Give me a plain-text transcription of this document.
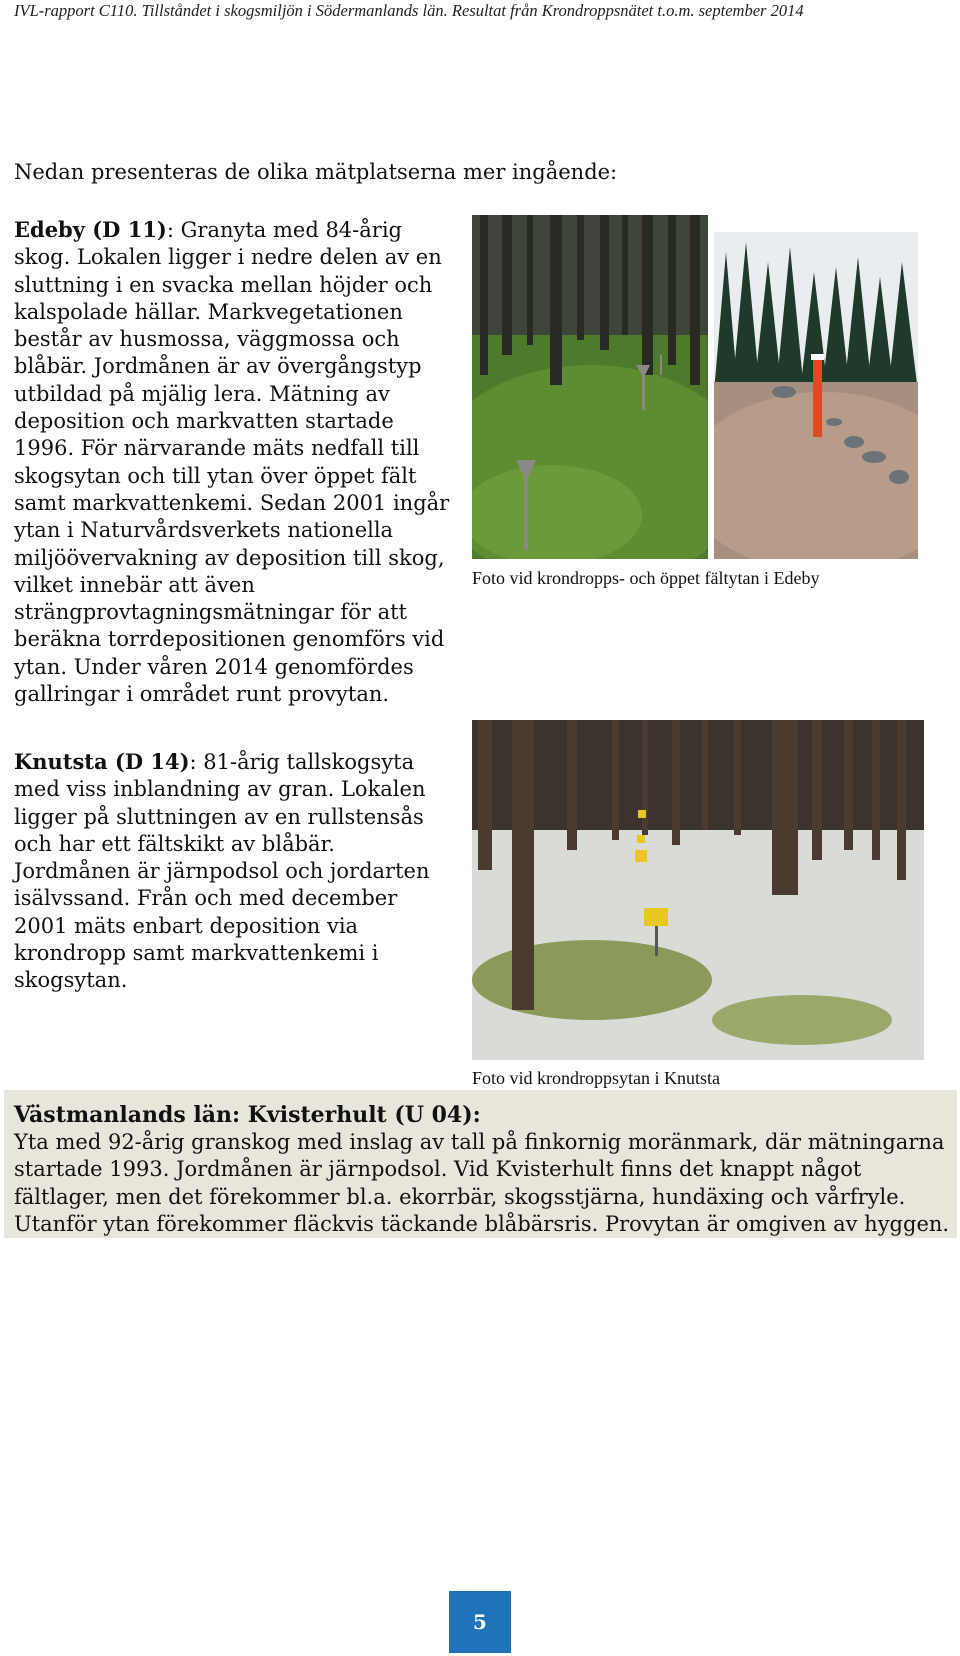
IVL-rapport C110. Tillståndet i skogsmiljön i Södermanlands län. Resultat från Krondroppsnätet t.o.m. september 2014
Nedan presenteras de olika mätplatserna mer ingående:
Edeby (D 11): Granyta med 84-årig skog. Lokalen ligger i nedre delen av en sluttning i en svacka mellan höjder och kalspolade hällar. Markvegetationen består av husmossa, väggmossa och blåbär. Jordmånen är av övergångstyp utbildad på mjälig lera. Mätning av deposition och markvatten startade 1996. För närvarande mäts nedfall till skogsytan och till ytan över öppet fält samt markvattenkemi. Sedan 2001 ingår ytan i Naturvårdsverkets nationella miljöövervakning av deposition till skog, vilket innebär att även strängprovtagningsmätningar för att beräkna torrdepositionen genomförs vid ytan. Under våren 2014 genomfördes gallringar i området runt provytan.
Foto vid krondropps- och öppet fältytan i Edeby
Foto vid krondroppsytan i Knutsta
Knutsta (D 14): 81-årig tallskogsyta med viss inblandning av gran. Lokalen ligger på sluttningen av en rullstensås och har ett fältskikt av blåbär. Jordmånen är järnpodsol och jordarten isälvssand. Från och med december 2001 mäts enbart deposition via krondropp samt markvattenkemi i skogsytan.
Västmanlands län: Kvisterhult (U 04):
Yta med 92-årig granskog med inslag av tall på finkornig moränmark, där mätningarna startade 1993. Jordmånen är järnpodsol. Vid Kvisterhult finns det knappt något fältlager, men det förekommer bl.a. ekorrbär, skogsstjärna, hundäxing och vårfryle. Utanför ytan förekommer fläckvis täckande blåbärsris. Provytan är omgiven av hyggen.
5
